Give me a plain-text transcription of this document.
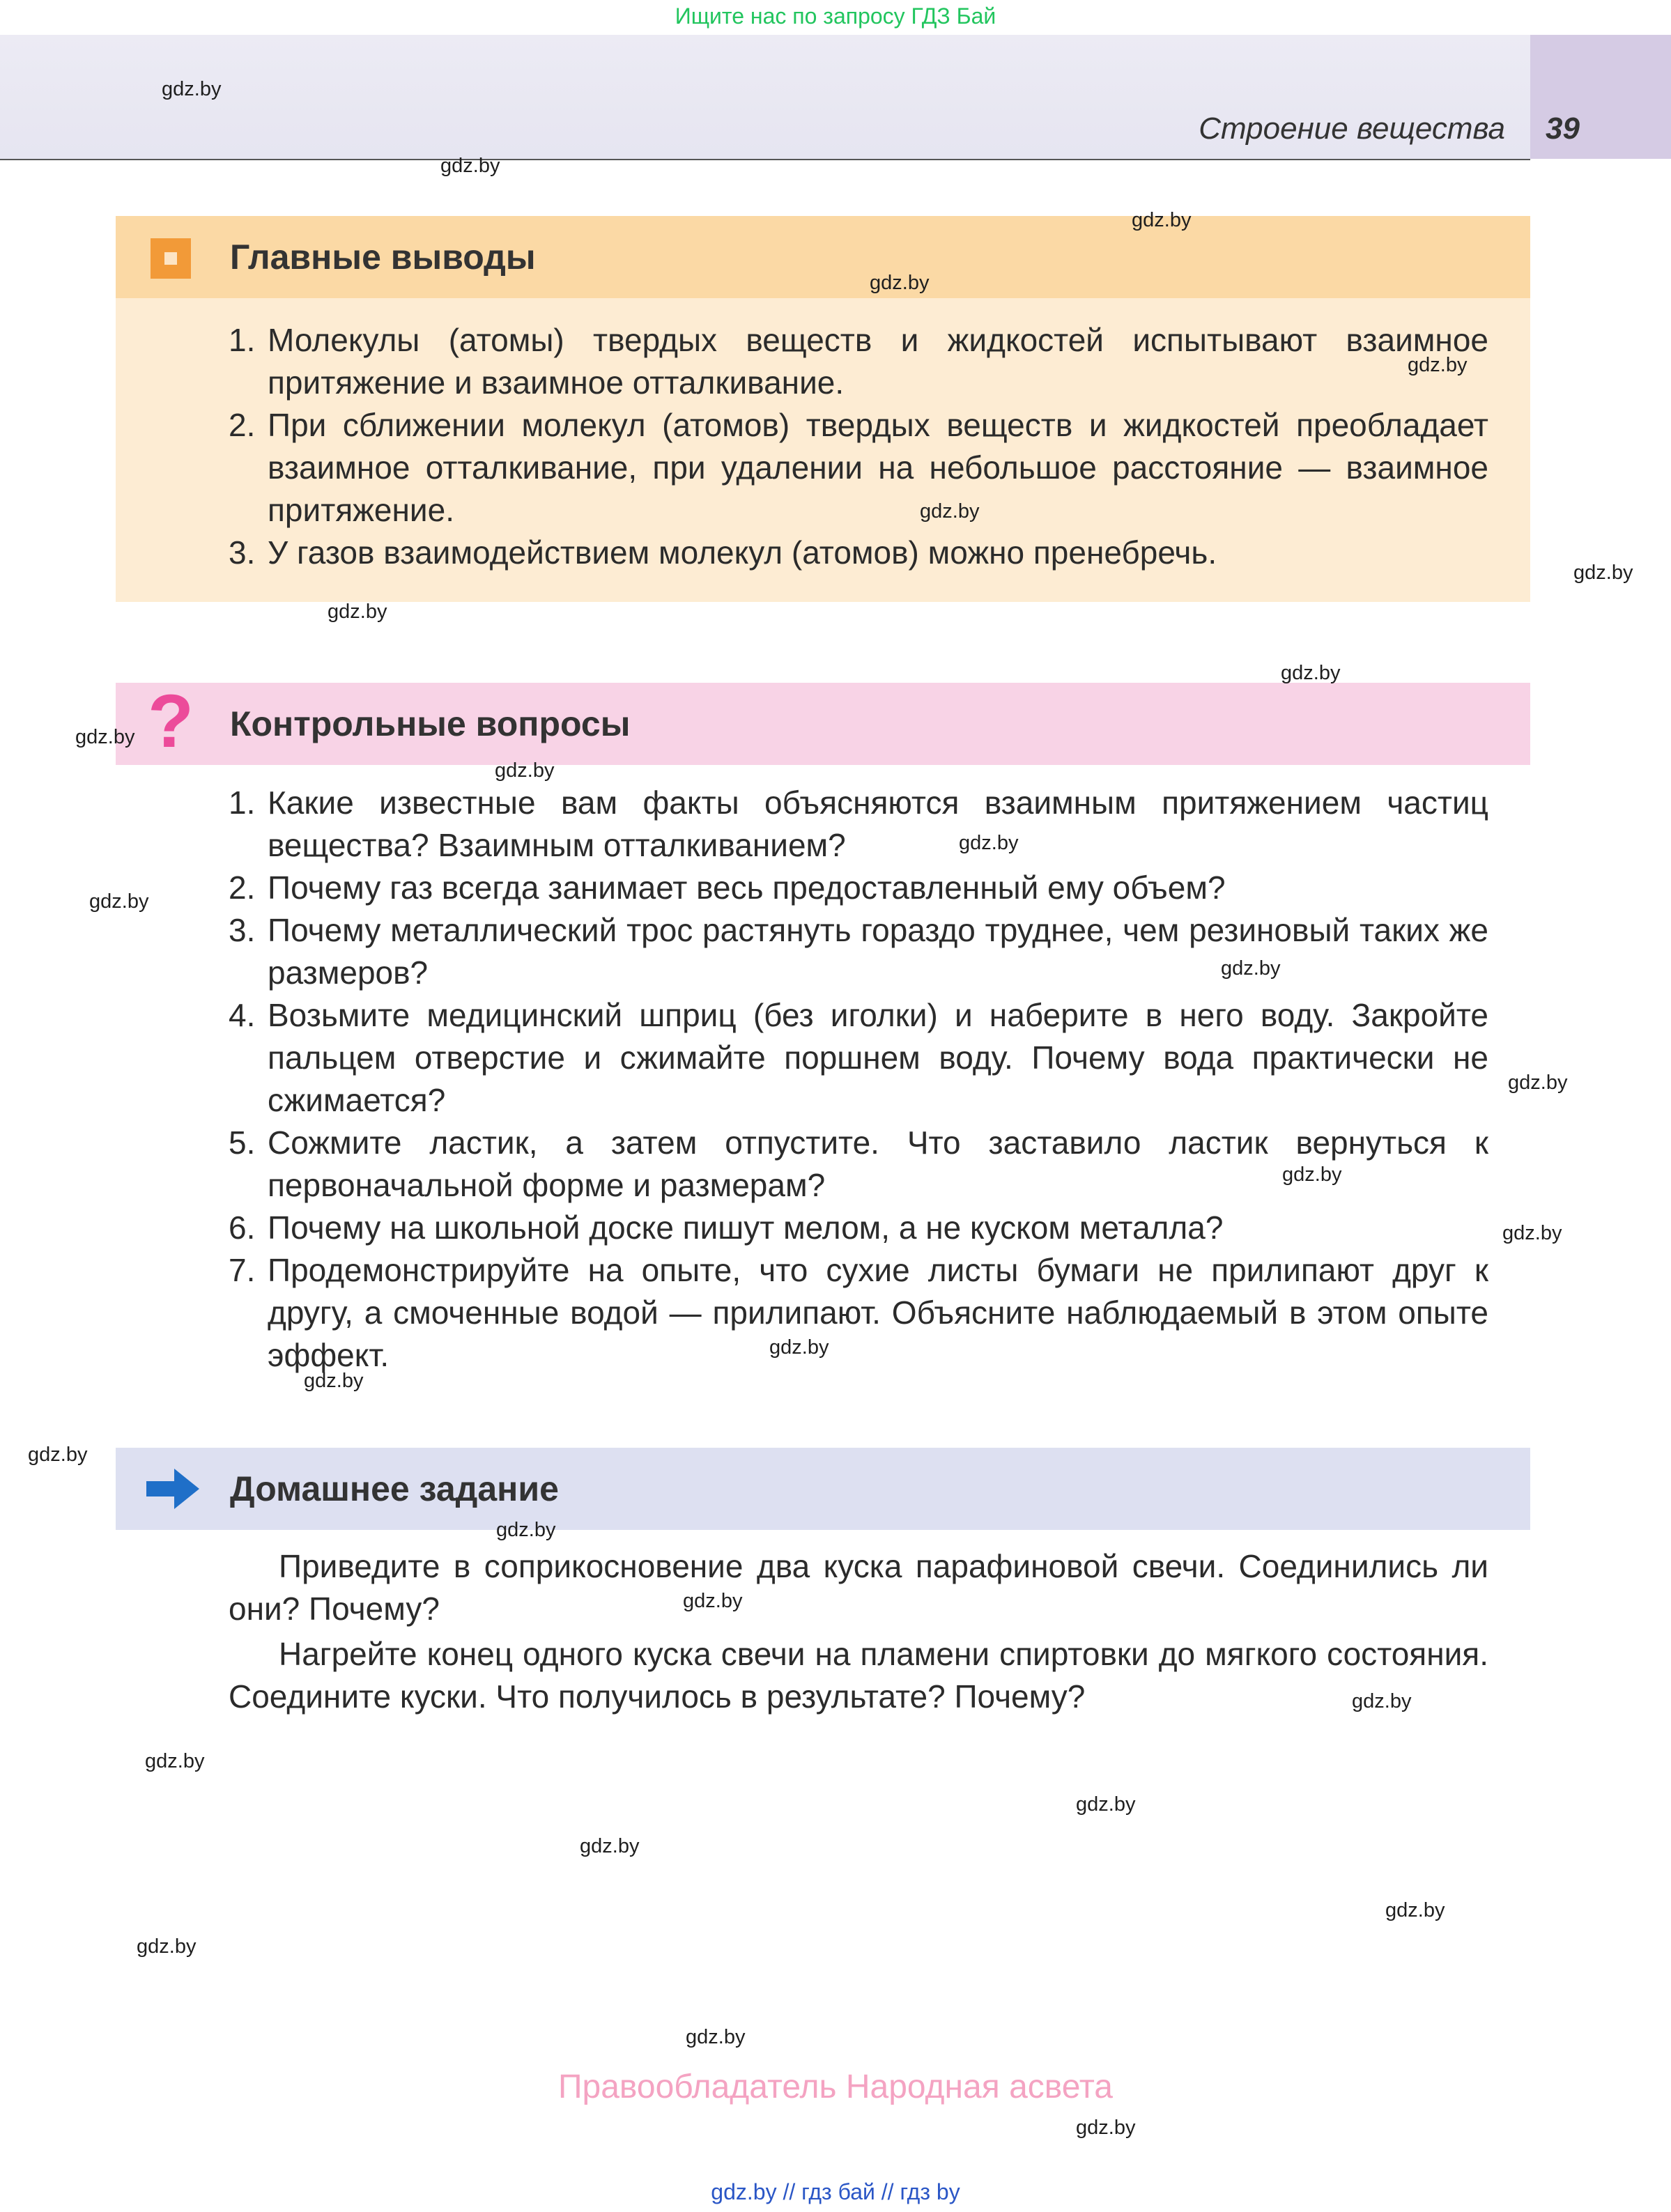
Ищите нас по запросу ГДЗ Бай
Строение вещества 39
Главные выводы
1. Молекулы (атомы) твердых веществ и жидкостей испытывают взаимное притяжение и взаимное отталкивание.
2. При сближении молекул (атомов) твердых веществ и жидкостей преобладает взаимное отталкивание, при удалении на небольшое расстояние — взаимное притяжение.
3. У газов взаимодействием молекул (атомов) можно пренебречь.
? Контрольные вопросы
1. Какие известные вам факты объясняются взаимным притяжением частиц вещества? Взаимным отталкиванием?
2. Почему газ всегда занимает весь предоставленный ему объем?
3. Почему металлический трос растянуть гораздо труднее, чем резиновый таких же размеров?
4. Возьмите медицинский шприц (без иголки) и наберите в него воду. Закройте пальцем отверстие и сжимайте поршнем воду. Почему вода практически не сжимается?
5. Сожмите ластик, а затем отпустите. Что заставило ластик вернуться к первоначальной форме и размерам?
6. Почему на школьной доске пишут мелом, а не куском металла?
7. Продемонстрируйте на опыте, что сухие листы бумаги не прилипают друг к другу, а смоченные водой — прилипают. Объясните наблюдаемый в этом опыте эффект.
Домашнее задание

Приведите в соприкосновение два куска парафиновой свечи. Соединились ли они? Почему?

Нагрейте конец одного куска свечи на пламени спиртовки до мягкого состояния. Соедините куски. Что получилось в результате? Почему?

gdz.by
gdz.by
gdz.by
gdz.by
gdz.by
gdz.by
gdz.by
gdz.by
gdz.by
gdz.by
gdz.by
gdz.by
gdz.by
gdz.by
gdz.by
gdz.by
gdz.by
gdz.by
gdz.by
gdz.by
gdz.by
gdz.by
gdz.by
gdz.by
gdz.by
gdz.by
gdz.by
gdz.by
gdz.by
gdz.by
Правообладатель Народная асвета
gdz.by // гдз бай // гдз by
